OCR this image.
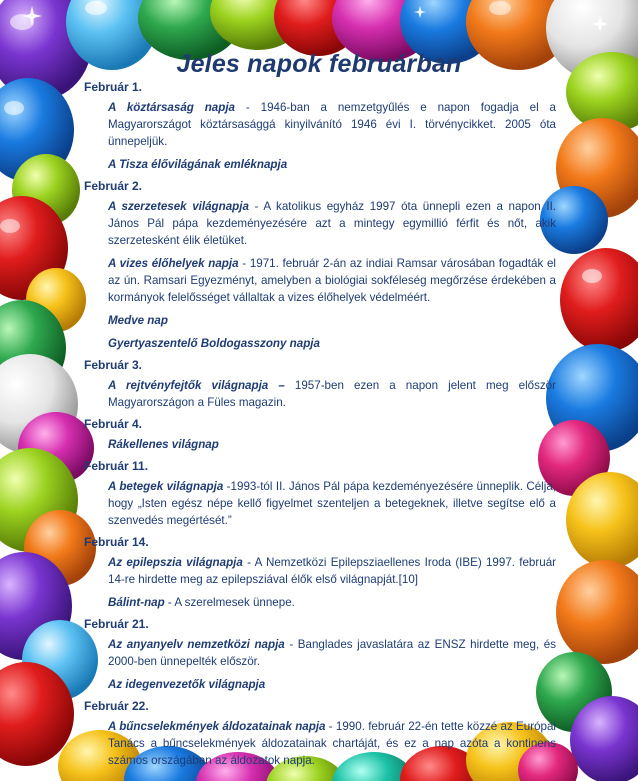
Jeles napok februárban

Február 1.

A köztársaság napja - 1946-ban a nemzetgyűlés e napon fogadja el a Magyarországot köztársasággá kinyilvánító 1946 évi I. törvénycikket. 2005 óta ünnepeljük.

A Tisza élővilágának emléknapja

Február 2.

A szerzetesek világnapja - A katolikus egyház 1997 óta ünnepli ezen a napon II. János Pál pápa kezdeményezésére azt a mintegy egymillió férfit és nőt, akik szerzetesként élik életüket.

A vizes élőhelyek napja - 1971. február 2-án az indiai Ramsar városában fogadták el az ún. Ramsari Egyezményt, amelyben a biológiai sokféleség megőrzése érdekében a kormányok felelősséget vállaltak a vizes élőhelyek védelméért.

Medve nap

Gyertyaszentelő Boldogasszony napja

Február 3.

A rejtvényfejtők világnapja – 1957-ben ezen a napon jelent meg először Magyarországon a Füles magazin.

Február 4.

Rákellenes világnap

Február 11.

A betegek világnapja -1993-tól II. János Pál pápa kezdeményezésére ünneplik. Célja, hogy „Isten egész népe kellő figyelmet szenteljen a betegeknek, illetve segítse elő a szenvedés megértését.”

Február 14.

Az epilepszia világnapja - A Nemzetközi Epilepsziaellenes Iroda (IBE) 1997. február 14-re hirdette meg az epilepsziával élők első világnapját.[10]

Bálint-nap - A szerelmesek ünnepe.

Február 21.

Az anyanyelv nemzetközi napja - Banglades javaslatára az ENSZ hirdette meg, és 2000-ben ünnepelték először.

Az idegenvezetők világnapja

Február 22.

A bűncselekmények áldozatainak napja - 1990. február 22-én tette közzé az Európai Tanács a bűncselekmények áldozatainak chartáját, és ez a nap azóta a kontinens számos országában az áldozatok napja.
